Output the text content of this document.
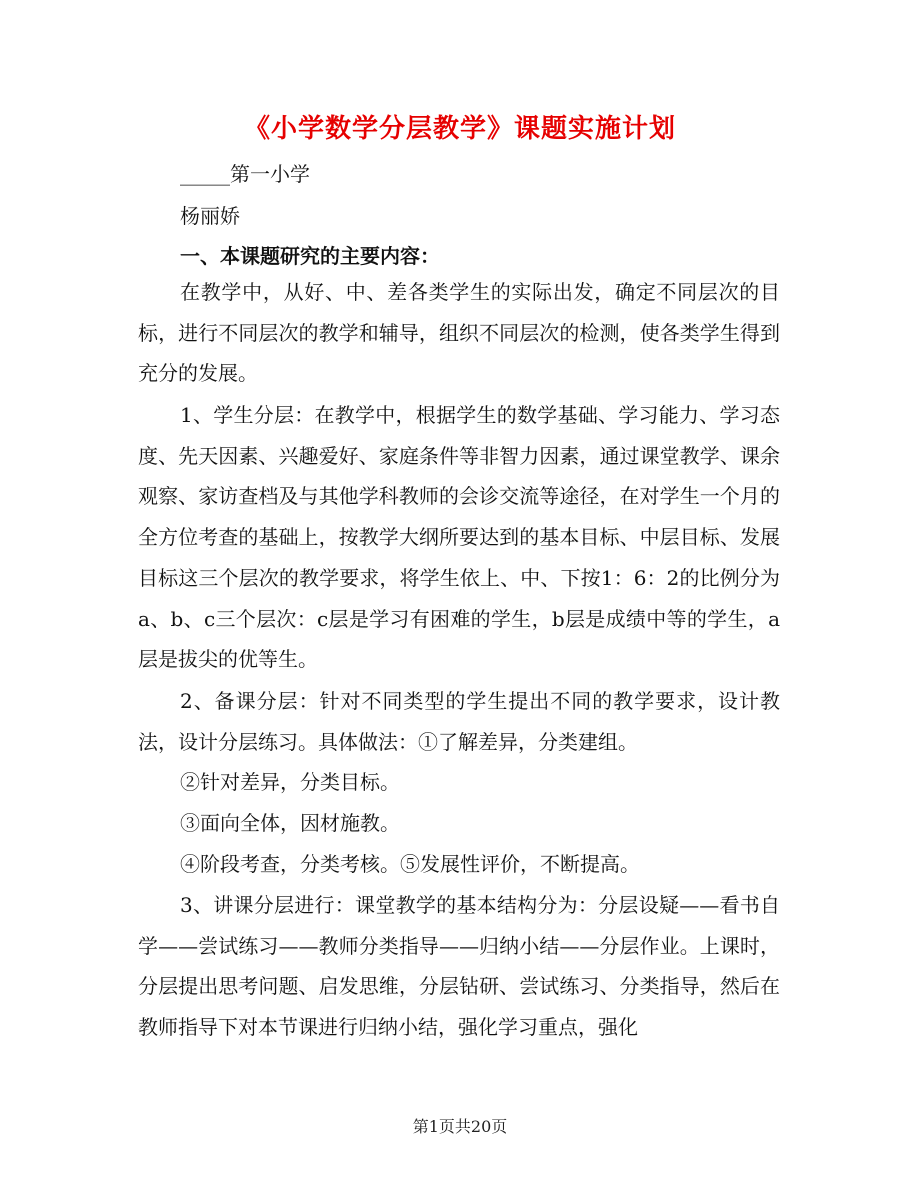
《小学数学分层教学》课题实施计划
_____第一小学
杨丽娇
一、本课题研究的主要内容：
在教学中，从好、中、差各类学生的实际出发，确定不同层次的目标，进行不同层次的教学和辅导，组织不同层次的检测，使各类学生得到充分的发展。
1、学生分层：在教学中，根据学生的数学基础、学习能力、学习态度、先天因素、兴趣爱好、家庭条件等非智力因素，通过课堂教学、课余观察、家访查档及与其他学科教师的会诊交流等途径，在对学生一个月的全方位考查的基础上，按教学大纲所要达到的基本目标、中层目标、发展目标这三个层次的教学要求，将学生依上、中、下按1：6：2的比例分为a、b、c三个层次：c层是学习有困难的学生，b层是成绩中等的学生，a层是拔尖的优等生。
2、备课分层：针对不同类型的学生提出不同的教学要求，设计教法，设计分层练习。具体做法：①了解差异，分类建组。
②针对差异，分类目标。
③面向全体，因材施教。
④阶段考查，分类考核。⑤发展性评价，不断提高。
3、讲课分层进行：课堂教学的基本结构分为：分层设疑——看书自学——尝试练习——教师分类指导——归纳小结——分层作业。上课时，分层提出思考问题、启发思维，分层钻研、尝试练习、分类指导，然后在教师指导下对本节课进行归纳小结，强化学习重点，强化
第1页共20页
